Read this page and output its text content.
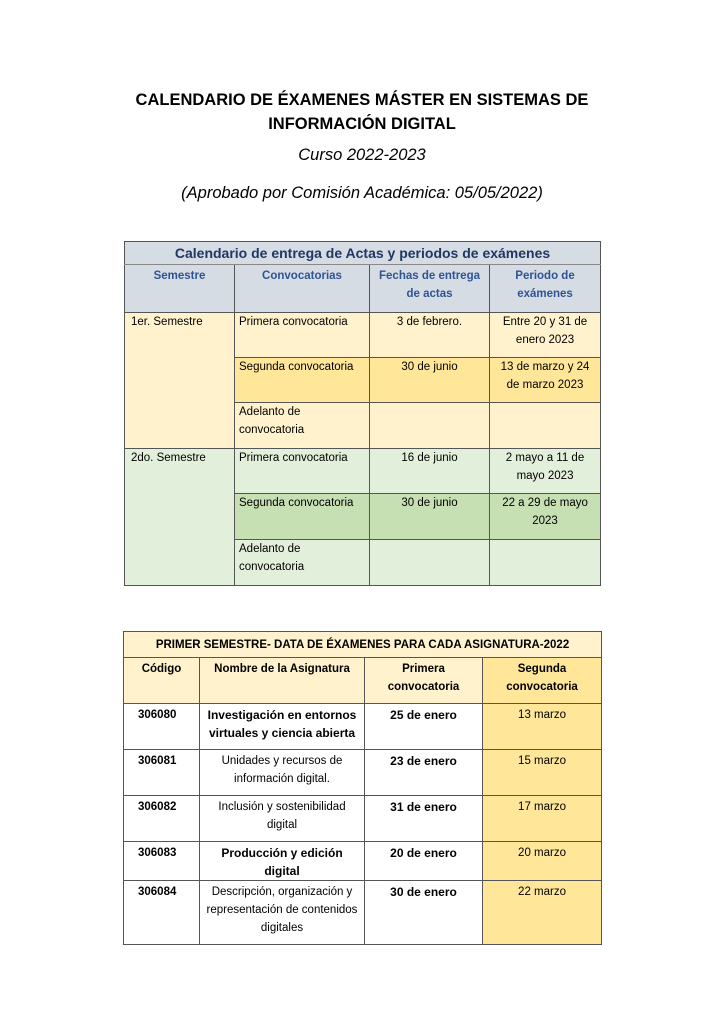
CALENDARIO DE ÉXAMENES MÁSTER EN SISTEMAS DE
INFORMACIÓN DIGITAL
Curso 2022-2023
(Aprobado por Comisión Académica: 05/05/2022)
Calendario de entrega de Actas y periodos de exámenes			
Semestre	Convocatorias	Fechas de entrega de actas	Periodo de exámenes
1er. Semestre	Primera convocatoria	3 de febrero.	Entre 20 y 31 de enero 2023
	Segunda convocatoria	30 de junio	13 de marzo y 24 de marzo 2023
	Adelanto de convocatoria		
2do. Semestre	Primera convocatoria	16 de junio	2 mayo a 11 de mayo 2023
	Segunda convocatoria	30 de junio	22 a 29 de mayo 2023
	Adelanto de convocatoria		
PRIMER SEMESTRE- DATA DE ÉXAMENES PARA CADA ASIGNATURA-2022			
Código	Nombre de la Asignatura	Primera convocatoria	Segunda convocatoria
306080	Investigación en entornos virtuales y ciencia abierta	25 de enero	13 marzo
306081	Unidades y recursos de información digital.	23 de enero	15 marzo
306082	Inclusión y sostenibilidad digital	31 de enero	17 marzo
306083	Producción y edición digital	20 de enero	20 marzo
306084	Descripción, organización y representación de contenidos digitales	30 de enero	22 marzo
